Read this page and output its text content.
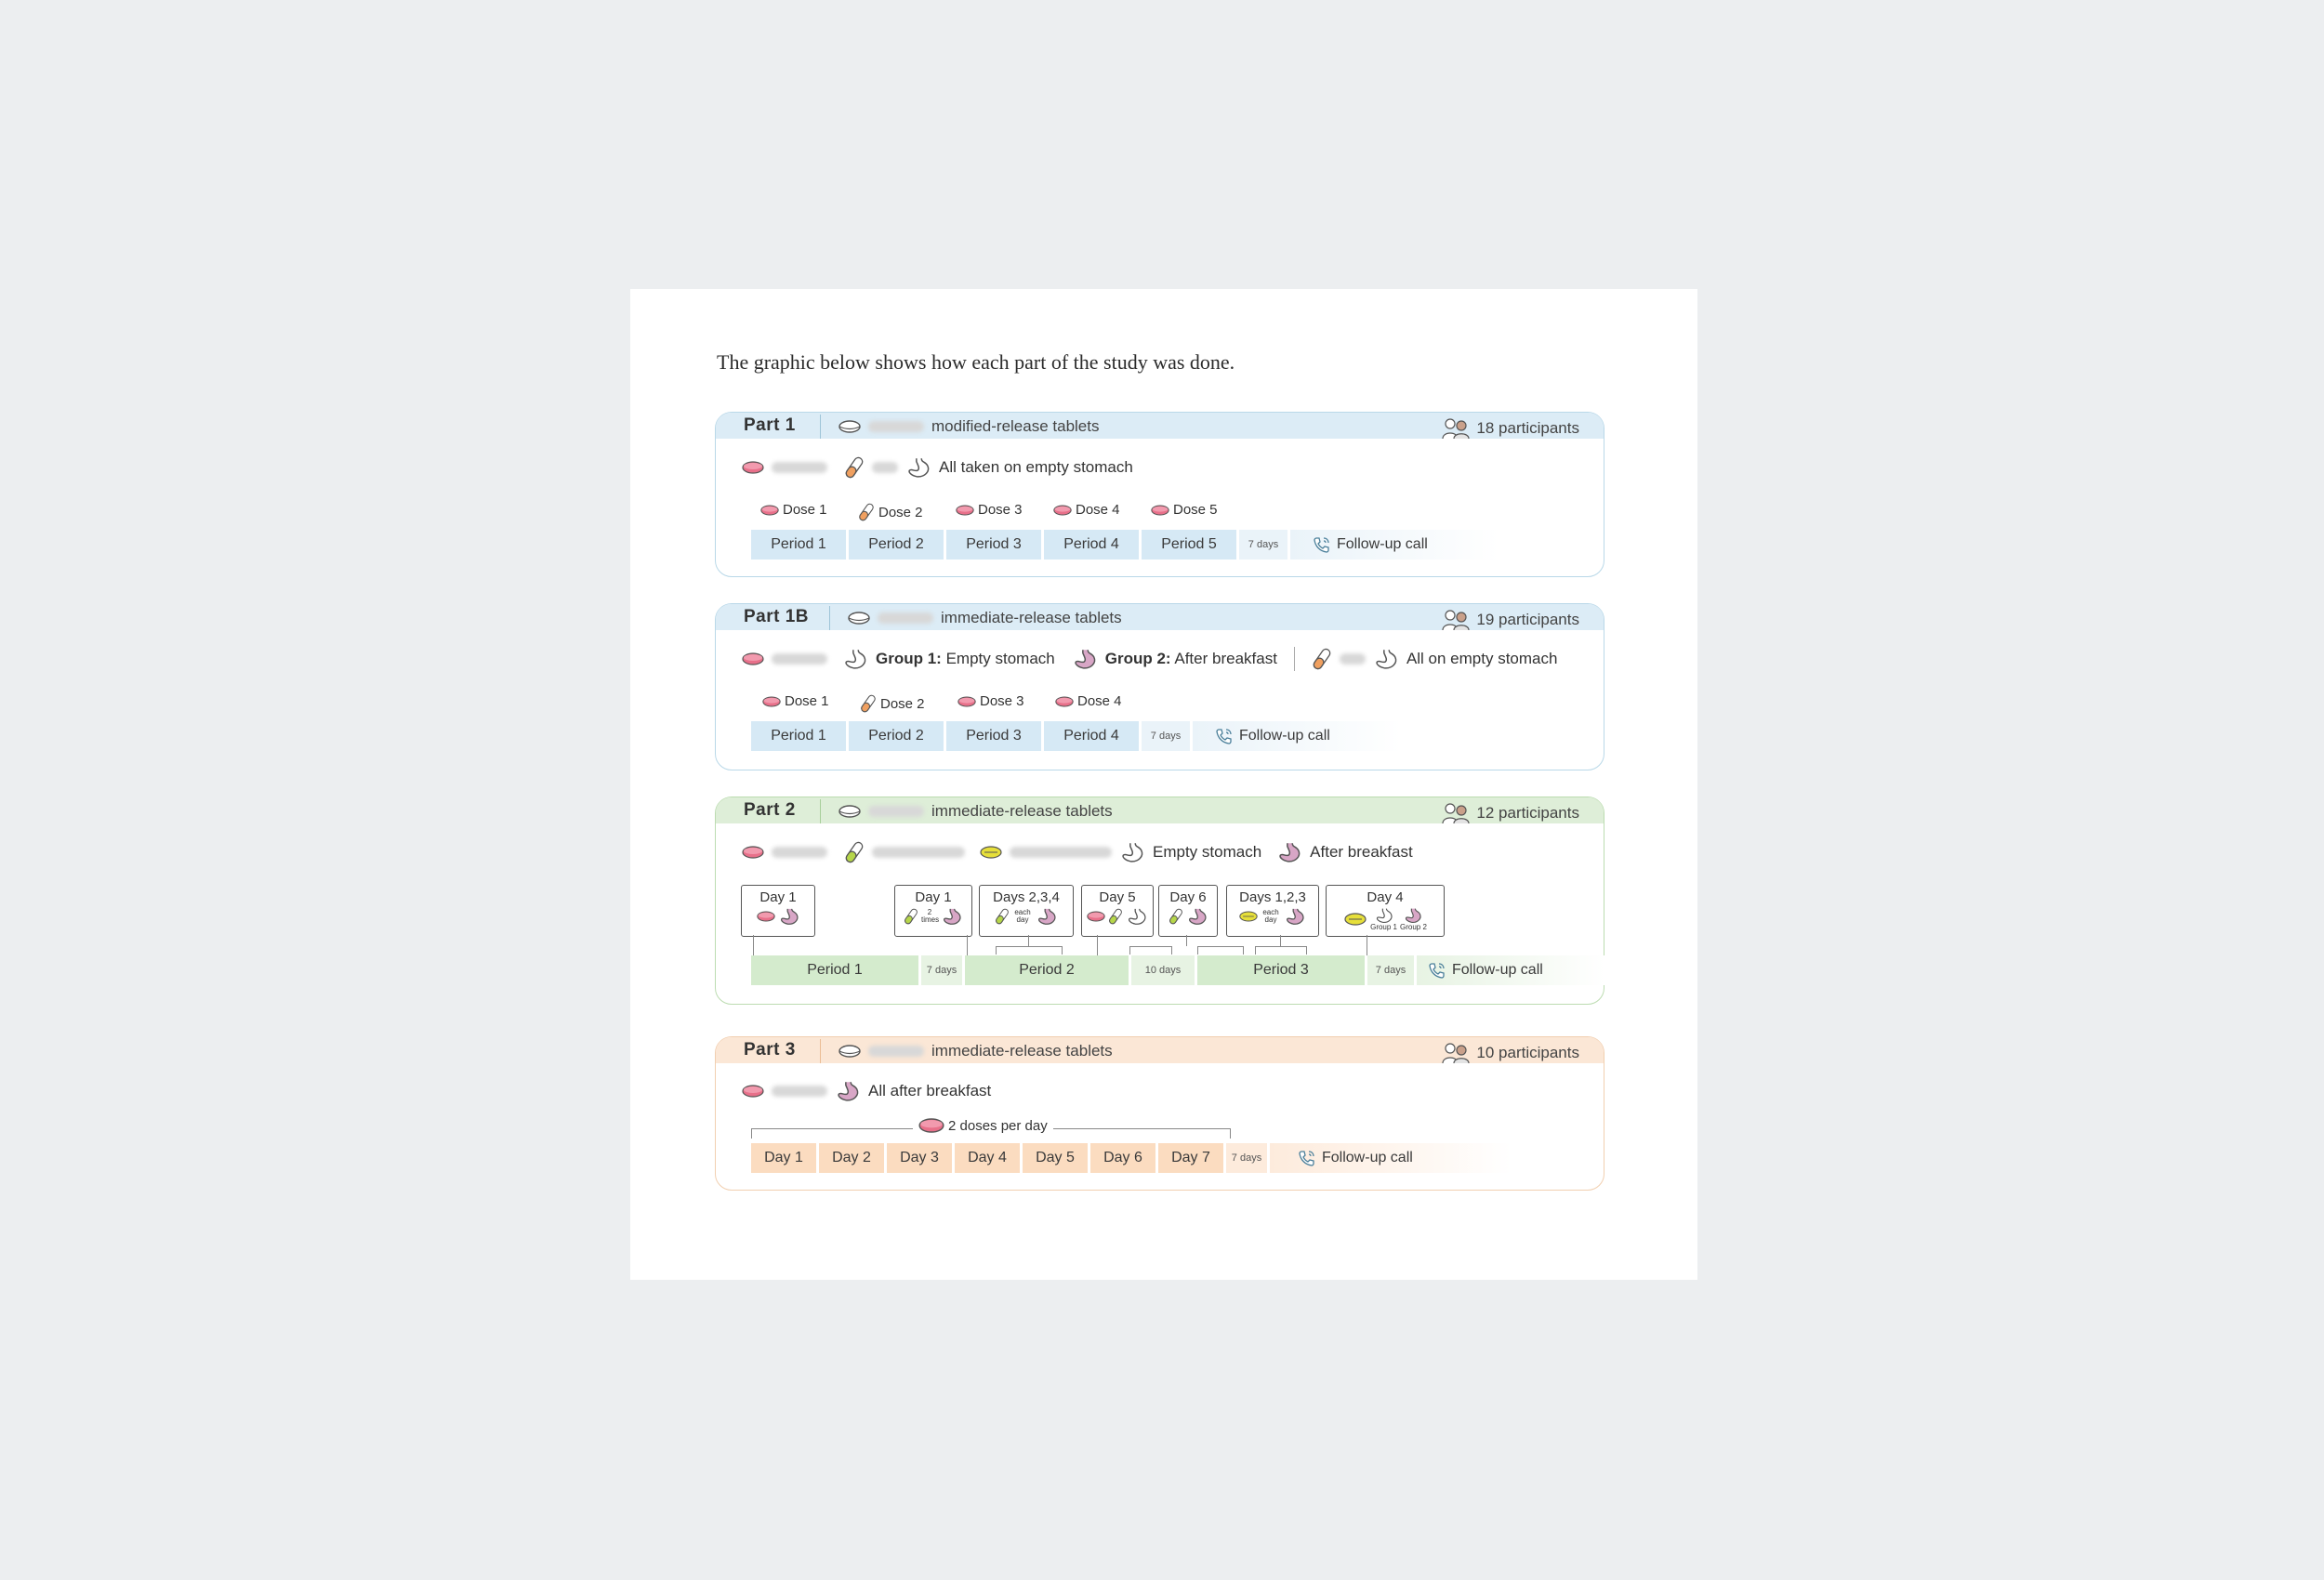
The graphic below shows how each part of the study was done.
Part 1	modified-release tablets	18 participants
All taken on empty stomach
Dose 1	Dose 2	Dose 3	Dose 4	Dose 5
Period 1	Period 2	Period 3	Period 4	Period 5	7 days	Follow-up call
Part 1B	immediate-release tablets	19 participants
Group 1: Empty stomach	Group 2: After breakfast	All on empty stomach
Dose 1	Dose 2	Dose 3	Dose 4
Period 1	Period 2	Period 3	Period 4	7 days	Follow-up call
Part 2	immediate-release tablets	12 participants
Empty stomach	After breakfast
Day 1	Day 1
2 times
Days 2,3,4
each day
Day 5	Day 6	Days 1,2,3
each day
Day 4
Group 1 Group 2
Period 1	7 days	Period 2	10 days	Period 3	7 days	Follow-up call
Part 3	immediate-release tablets	10 participants
All after breakfast
2 doses per day
Day 1	Day 2	Day 3	Day 4	Day 5	Day 6	Day 7	7 days	Follow-up call
